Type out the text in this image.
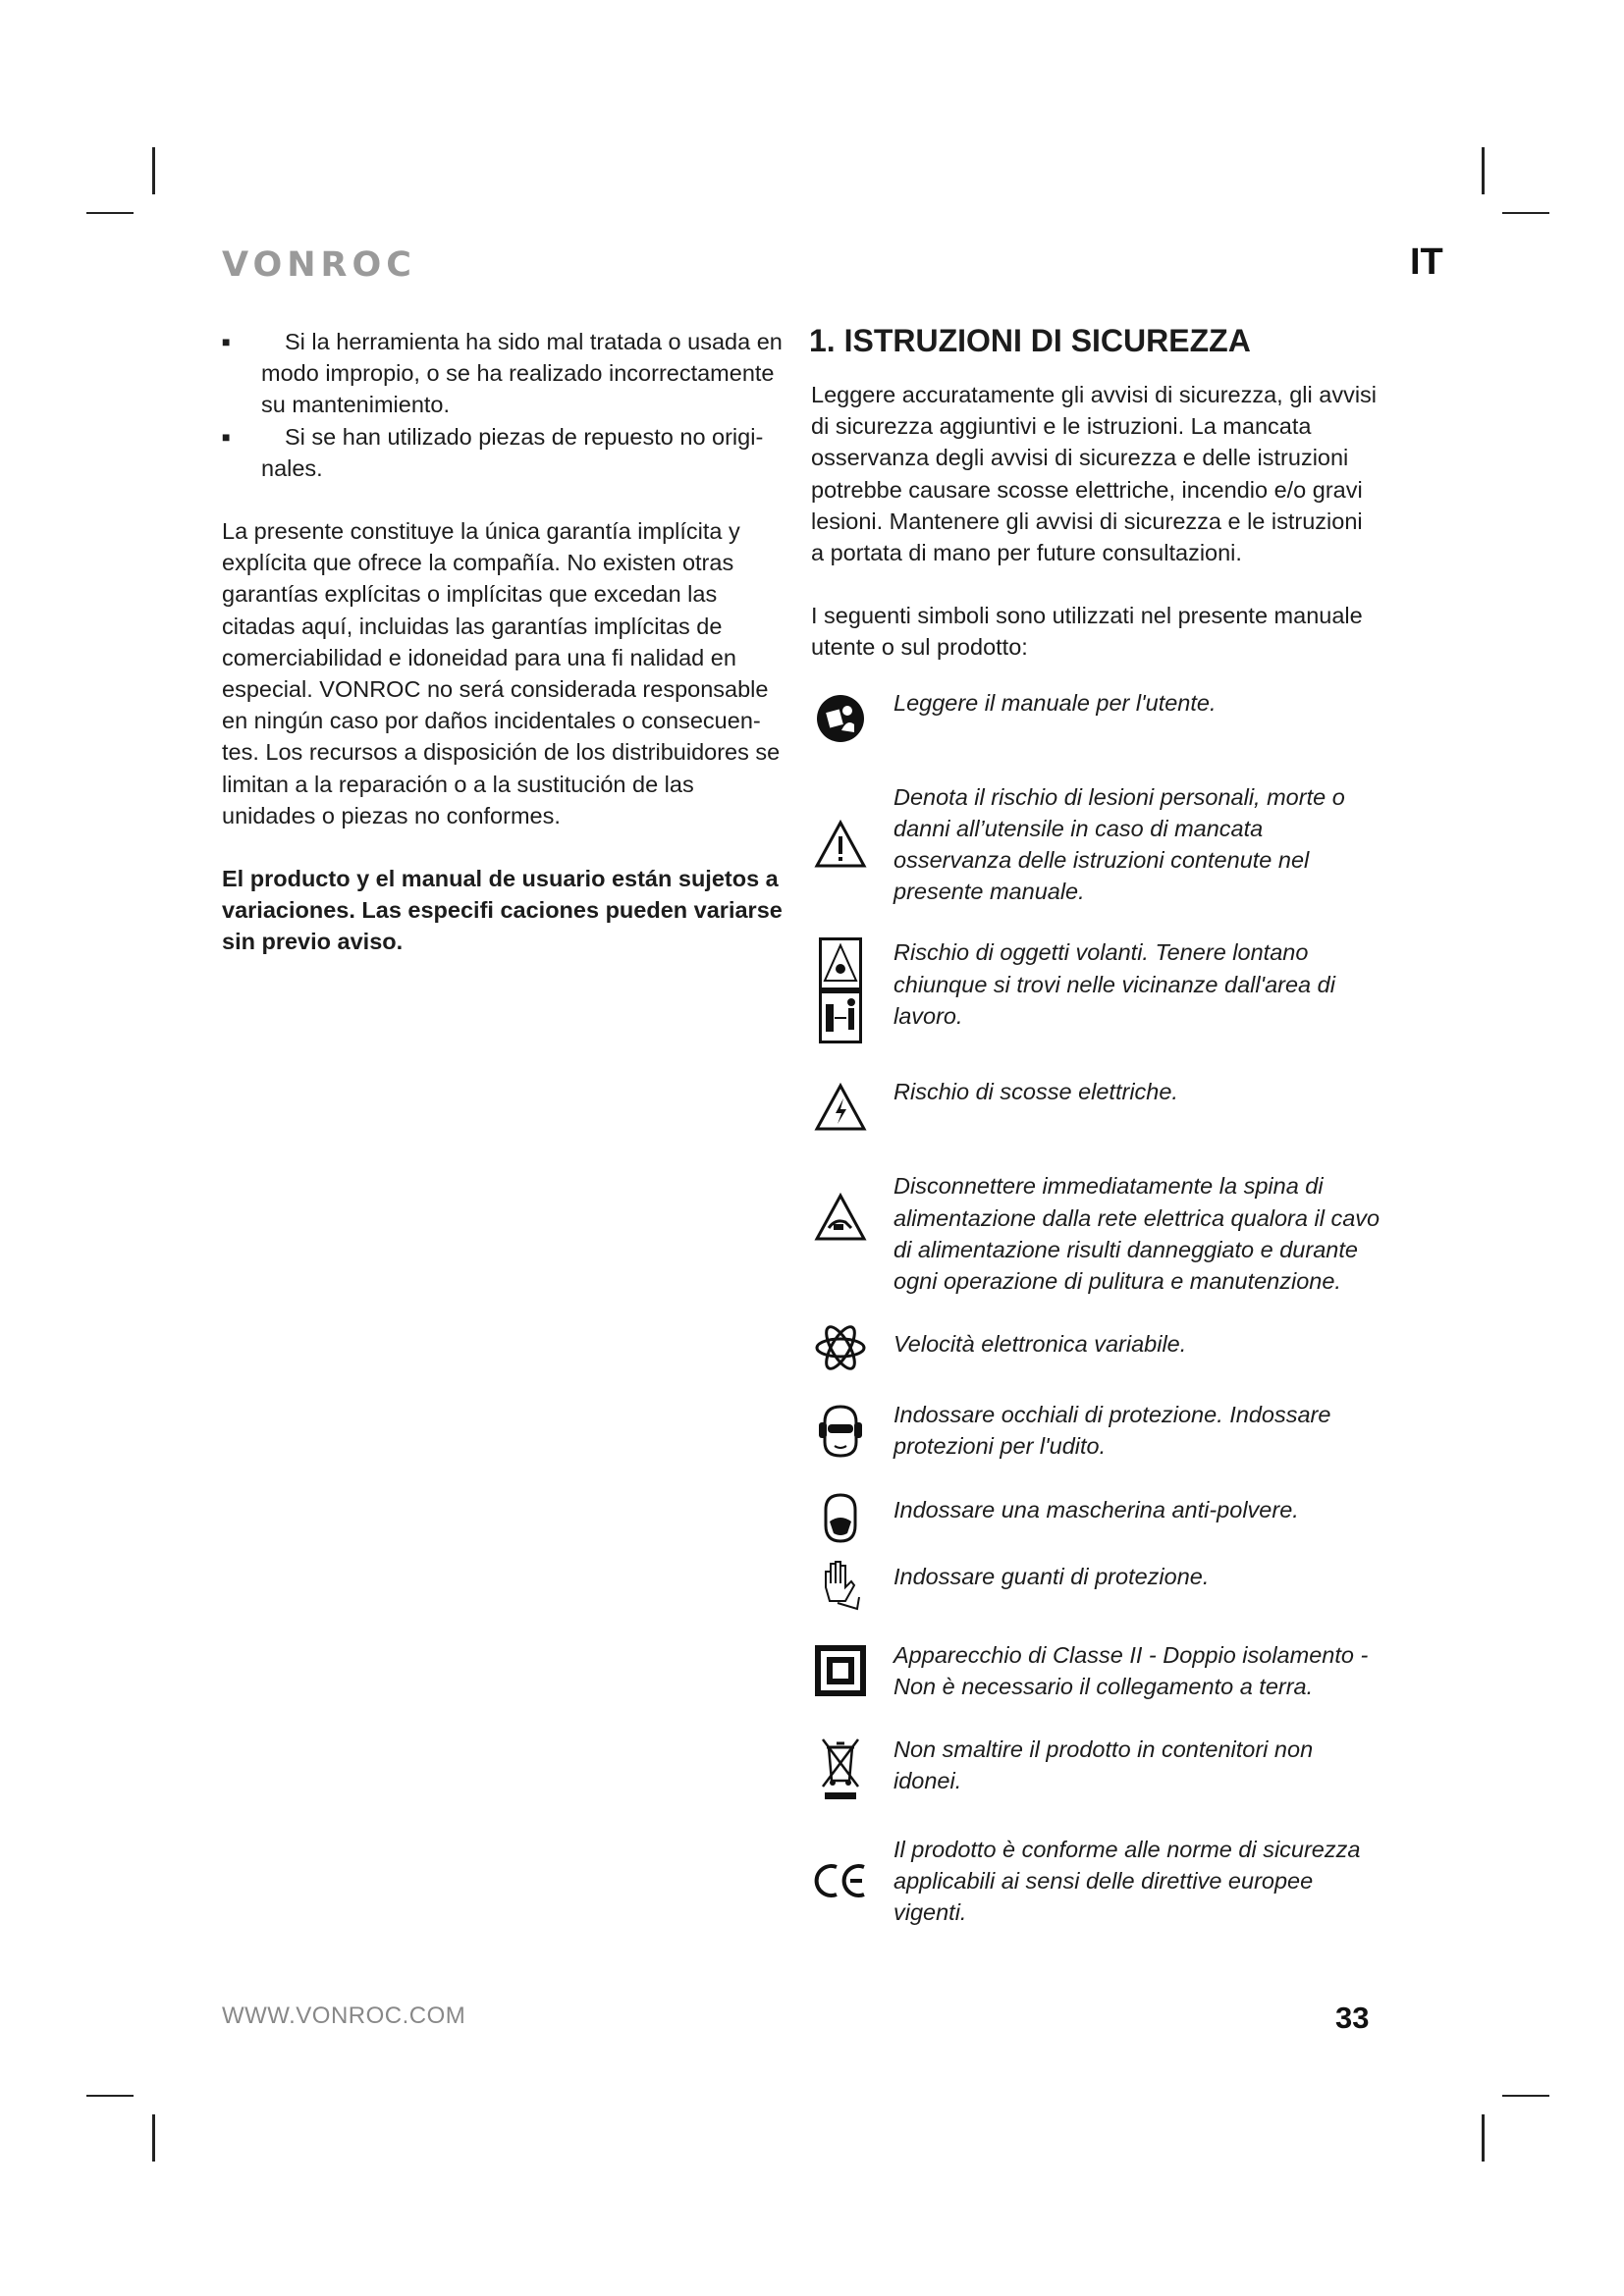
VONROC	IT
■	Si la herramienta ha sido mal tratada o usada en modo impropio, o se ha realizado incorrectamente su mantenimiento.
■	Si se han utilizado piezas de repuesto no origi- nales.
La presente constituye la única garantía implícita y explícita que ofrece la compañía. No existen otras garantías explícitas o implícitas que excedan las citadas aquí, incluidas las garantías implícitas de comerciabilidad e idoneidad para una fi nalidad en especial. VONROC no será considerada responsable en ningún caso por daños incidentales o consecuen- tes. Los recursos a disposición de los distribuidores se limitan a la reparación o a la sustitución de las unidades o piezas no conformes.
El producto y el manual de usuario están sujetos a variaciones. Las especifi caciones pueden variarse sin previo aviso.
1. ISTRUZIONI DI SICUREZZA
Leggere accuratamente gli avvisi di sicurezza, gli avvisi di sicurezza aggiuntivi e le istruzioni. La mancata osservanza degli avvisi di sicurezza e delle istruzioni potrebbe causare scosse elettriche, incendio e/o gravi lesioni. Mantenere gli avvisi di sicurezza e le istruzioni a portata di mano per future consultazioni.
I seguenti simboli sono utilizzati nel presente manuale utente o sul prodotto:
Leggere il manuale per l'utente.
Denota il rischio di lesioni personali, morte o danni all’utensile in caso di mancata osservanza delle istruzioni contenute nel presente manuale.
Rischio di oggetti volanti. Tenere lontano chiunque si trovi nelle vicinanze dall'area di lavoro.
Rischio di scosse elettriche.
Disconnettere immediatamente la spina di alimentazione dalla rete elettrica qualora il cavo di alimentazione risulti danneggiato e durante ogni operazione di pulitura e manutenzione.
Velocità elettronica variabile.
Indossare occhiali di protezione. Indossare protezioni per l'udito.
Indossare una mascherina anti-polvere.
Indossare guanti di protezione.
Apparecchio di Classe II - Doppio isolamento - Non è necessario il collegamento a terra.
Non smaltire il prodotto in contenitori non idonei.
Il prodotto è conforme alle norme di sicurezza applicabili ai sensi delle direttive europee vigenti.
WWW.VONROC.COM	33
